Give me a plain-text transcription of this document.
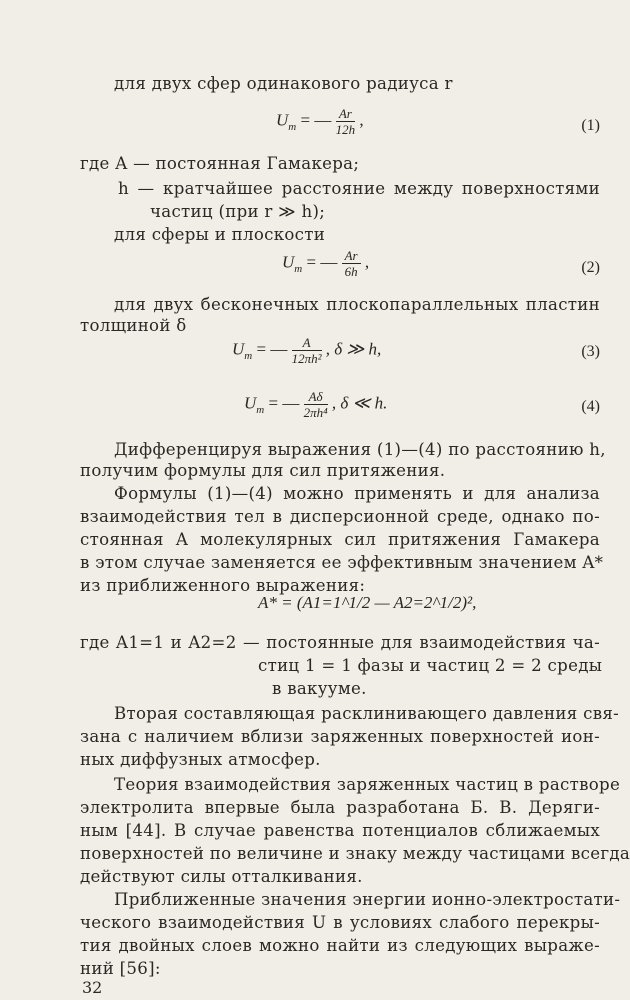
для двух сфер одинакового радиуса r
$U_m$ = — $\frac{Ar}{12h}$ ,	(1)
где A — постоянная Гамакера;
h — кратчайшее расстояние между поверхностями
частиц (при r ≫ h);
для сферы и плоскости
$U_m$ = — $\frac{Ar}{6h}$ ,	(2)
для двух бесконечных плоскопараллельных пластин
толщиной δ
$U_m$ = — $\frac{A}{\text{12πh²}}$ , δ ≫ h,	(3)
$U_m$ = — $\frac{A\delta}{\text{2πh⁴}}$ , δ ≪ h.	(4)
Дифференцируя выражения (1)—(4) по расстоянию h,
получим формулы для сил притяжения.
Формулы (1)—(4) можно применять и для анализа
взаимодействия тел в дисперсионной среде, однако по-
стоянная A молекулярных сил притяжения Гамакера
в этом случае заменяется ее эффективным значением A*
из приближенного выражения:
A* = (A1=1^1/2 — A2=2^1/2)²,
где A1=1 и A2=2 — постоянные для взаимодействия ча-
стиц 1 = 1 фазы и частиц 2 = 2 среды
в вакууме.
Вторая составляющая расклинивающего давления свя-
зана с наличием вблизи заряженных поверхностей ион-
ных диффузных атмосфер.
Теория взаимодействия заряженных частиц в растворе
электролита впервые была разработана Б. В. Деряги-
ным [44]. В случае равенства потенциалов сближаемых
поверхностей по величине и знаку между частицами всегда
действуют силы отталкивания.
Приближенные значения энергии ионно-электростати-
ческого взаимодействия U в условиях слабого перекры-
тия двойных слоев можно найти из следующих выраже-
ний [56]:
32
